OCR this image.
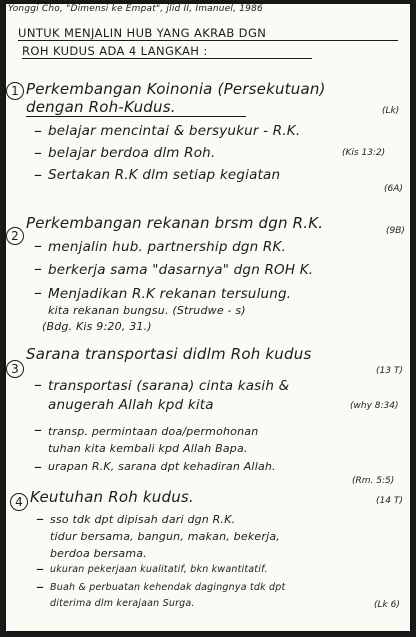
Yonggi Cho, "Dimensi ke Empat", jlid II, Imanuel, 1986
UNTUK MENJALIN HUB YANG AKRAB DGN
ROH KUDUS ADA 4 LANGKAH :
1 Perkembangan Koinonia (Persekutuan)
dengan Roh-Kudus.	(Lk)
– belajar mencintai & bersyukur - R.K.
– belajar berdoa dlm Roh.	(Kis 13:2)
– Sertakan R.K dlm setiap kegiatan
(6A)
2
Perkembangan rekanan brsm dgn R.K.	(9B)
– menjalin hub. partnership dgn RK.
– berkerja sama "dasarnya" dgn ROH K.
– Menjadikan R.K rekanan tersulung.
kita rekanan bungsu. (Strudwe - s)
(Bdg. Kis 9:20, 31.)
3
Sarana transportasi didlm Roh kudus
(13 T)
– transportasi (sarana) cinta kasih &
anugerah Allah kpd kita	(why 8:34)
– transp. permintaan doa/permohonan
tuhan kita kembali kpd Allah Bapa.
– urapan R.K, sarana dpt kehadiran Allah.
(Rm. 5:5)
4 Keutuhan Roh kudus.	(14 T)
– sso tdk dpt dipisah dari dgn R.K.
tidur bersama, bangun, makan, bekerja,
berdoa bersama.
– ukuran pekerjaan kualitatif, bkn kwantitatif.
– Buah & perbuatan kehendak dagingnya tdk dpt
diterima dlm kerajaan Surga.	(Lk 6)
